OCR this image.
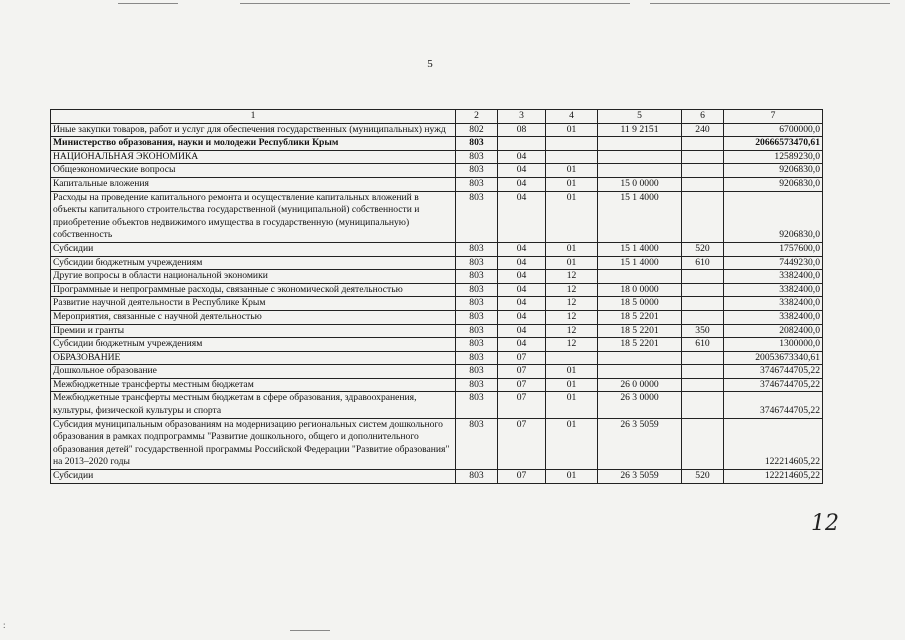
5
1	2	3	4	5	6	7
Иные закупки товаров, работ и услуг для обеспечения государственных (муниципальных) нужд	802	08	01	11 9 2151	240	6700000,0
Министерство образования, науки и молодежи Республики Крым	803					20666573470,61
НАЦИОНАЛЬНАЯ ЭКОНОМИКА	803	04				12589230,0
Общеэкономические вопросы	803	04	01			9206830,0
Капитальные вложения	803	04	01	15 0 0000		9206830,0
Расходы на проведение капитального ремонта и осуществление капитальных вложений в объекты капитального строительства государственной (муниципальной) собственности и приобретение объектов недвижимого имущества в государственную (муниципальную) собственность	803	04	01	15 1 4000		9206830,0
Субсидии	803	04	01	15 1 4000	520	1757600,0
Субсидии бюджетным учреждениям	803	04	01	15 1 4000	610	7449230,0
Другие вопросы в области национальной экономики	803	04	12			3382400,0
Программные и непрограммные расходы, связанные с экономической деятельностью	803	04	12	18 0 0000		3382400,0
Развитие научной деятельности в Республике Крым	803	04	12	18 5 0000		3382400,0
Мероприятия, связанные с научной деятельностью	803	04	12	18 5 2201		3382400,0
Премии и гранты	803	04	12	18 5 2201	350	2082400,0
Субсидии бюджетным учреждениям	803	04	12	18 5 2201	610	1300000,0
ОБРАЗОВАНИЕ	803	07				20053673340,61
Дошкольное образование	803	07	01			3746744705,22
Межбюджетные трансферты местным бюджетам	803	07	01	26 0 0000		3746744705,22
Межбюджетные трансферты местным бюджетам в сфере образования, здравоохранения, культуры, физической культуры и спорта	803	07	01	26 3 0000		3746744705,22
Субсидия муниципальным образованиям на модернизацию региональных систем дошкольного образования в рамках подпрограммы "Развитие дошкольного, общего и дополнительного образования детей" государственной программы Российской Федерации "Развитие образования" на 2013–2020 годы	803	07	01	26 3 5059		122214605,22
Субсидии	803	07	01	26 3 5059	520	122214605,22
12
:
